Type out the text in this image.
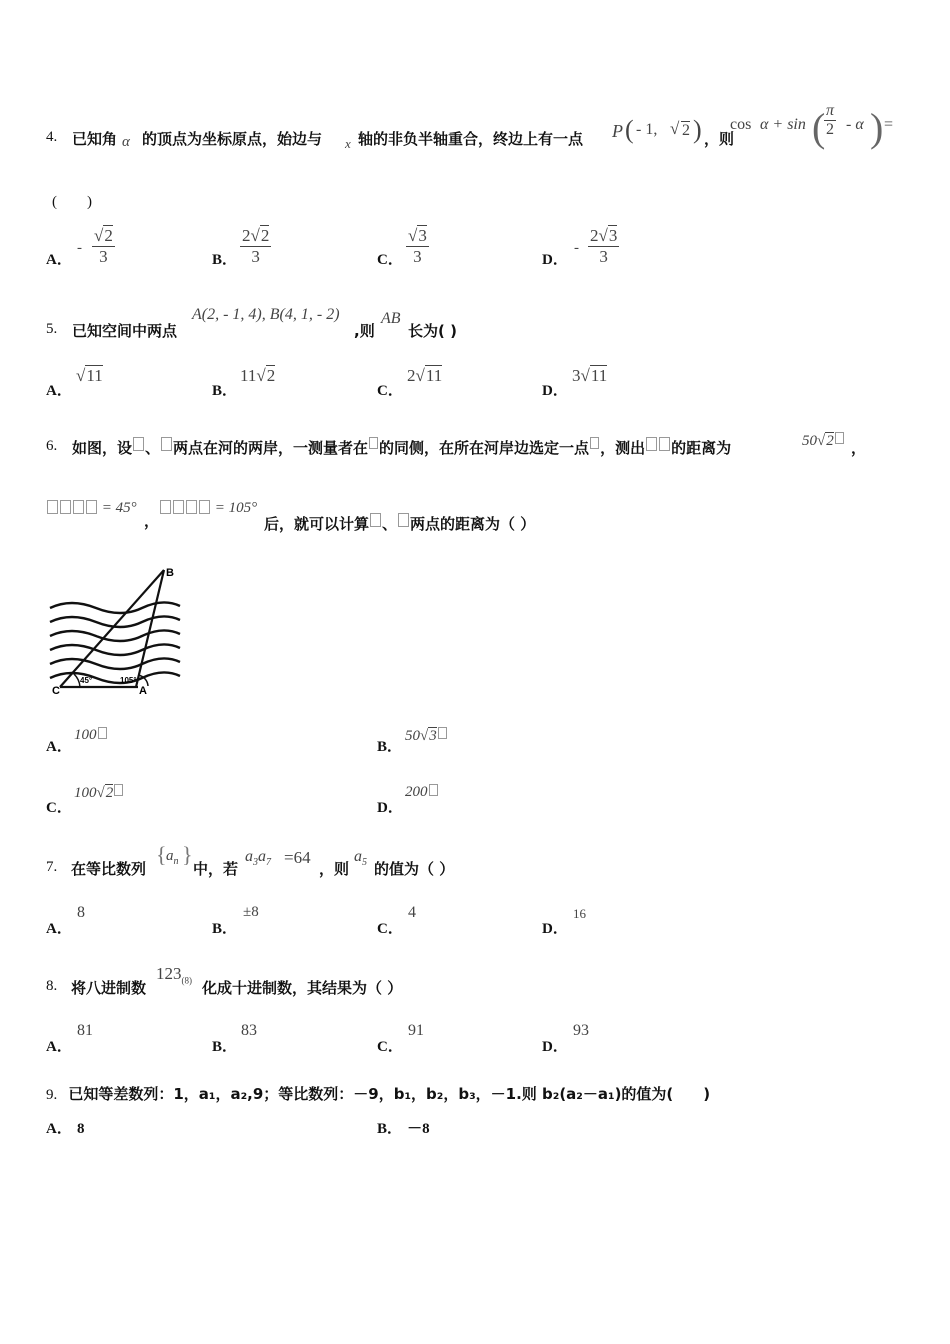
4. 已知角 α 的顶点为坐标原点，始边与 x 轴的非负半轴重合，终边上有一点 P ( - 1, √ 2 ) ，则
cos α + sin (
$\frac{\pi}{2}$ - α ) =
(　　)
A．
- $\frac{√2}{3}$	B． $\frac{2√2}{3}$	C． $\frac{√3}{3}$	D．
- $\frac{2√3}{3}$
5. 已知空间中两点
A(2, - 1, 4), B(4, 1, - 2)
,则
AB
长为( )
A．
√11
B．
11√2
C．
2√11
D．
3√11
6. 如图，设 、 两点在河的两岸，一测量者在 的同侧，在所在河岸边选定一点 ，测出 的距离为	50√2	，
= 45°
，
= 105°
后，就可以计算 、 两点的距离为（ ）
B
C	A
45°	105°
A．
100
B．
50√3
C．
100√2
D．
200
7. 在等比数列
{ $a_n$ }
中，若
$a_3a_7 =64$
，则
$a_5$ 的值为（ ）
A．
8
B．
±8
C．
4
D．
16
8. 将八进制数
$123_{(8)}$ 化成十进制数，其结果为（ ）
A．
81
B．
83
C．
91
D．
93
9. 已知等差数列：1，a₁，a₂,9；等比数列：－9，b₁，b₂，b₃，－1.则 b₂(a₂－a₁)的值为(　　)
A． 8	B． －8
